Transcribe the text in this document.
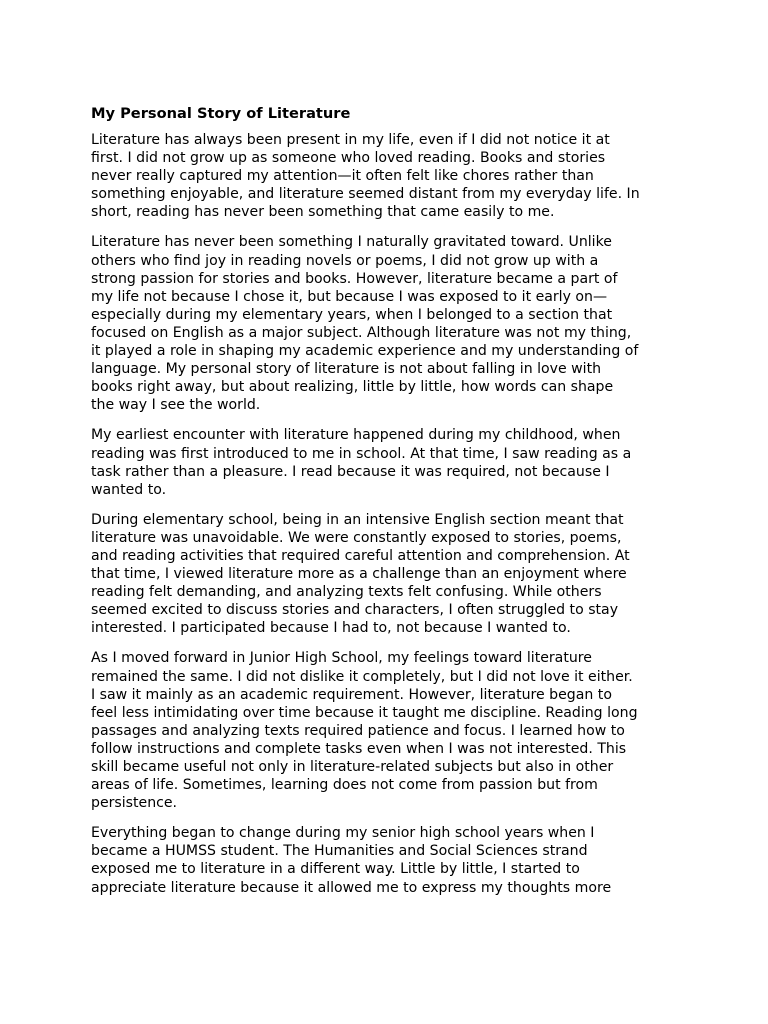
My Personal Story of Literature
Literature has always been present in my life, even if I did not notice it at
first. I did not grow up as someone who loved reading. Books and stories
never really captured my attention—it often felt like chores rather than
something enjoyable, and literature seemed distant from my everyday life. In
short, reading has never been something that came easily to me.
Literature has never been something I naturally gravitated toward. Unlike
others who find joy in reading novels or poems, I did not grow up with a
strong passion for stories and books. However, literature became a part of
my life not because I chose it, but because I was exposed to it early on—
especially during my elementary years, when I belonged to a section that
focused on English as a major subject. Although literature was not my thing,
it played a role in shaping my academic experience and my understanding of
language. My personal story of literature is not about falling in love with
books right away, but about realizing, little by little, how words can shape
the way I see the world.
My earliest encounter with literature happened during my childhood, when
reading was first introduced to me in school. At that time, I saw reading as a
task rather than a pleasure. I read because it was required, not because I
wanted to.
During elementary school, being in an intensive English section meant that
literature was unavoidable. We were constantly exposed to stories, poems,
and reading activities that required careful attention and comprehension. At
that time, I viewed literature more as a challenge than an enjoyment where
reading felt demanding, and analyzing texts felt confusing. While others
seemed excited to discuss stories and characters, I often struggled to stay
interested. I participated because I had to, not because I wanted to.
As I moved forward in Junior High School, my feelings toward literature
remained the same. I did not dislike it completely, but I did not love it either.
I saw it mainly as an academic requirement. However, literature began to
feel less intimidating over time because it taught me discipline. Reading long
passages and analyzing texts required patience and focus. I learned how to
follow instructions and complete tasks even when I was not interested. This
skill became useful not only in literature-related subjects but also in other
areas of life. Sometimes, learning does not come from passion but from
persistence.
Everything began to change during my senior high school years when I
became a HUMSS student. The Humanities and Social Sciences strand
exposed me to literature in a different way. Little by little, I started to
appreciate literature because it allowed me to express my thoughts more
